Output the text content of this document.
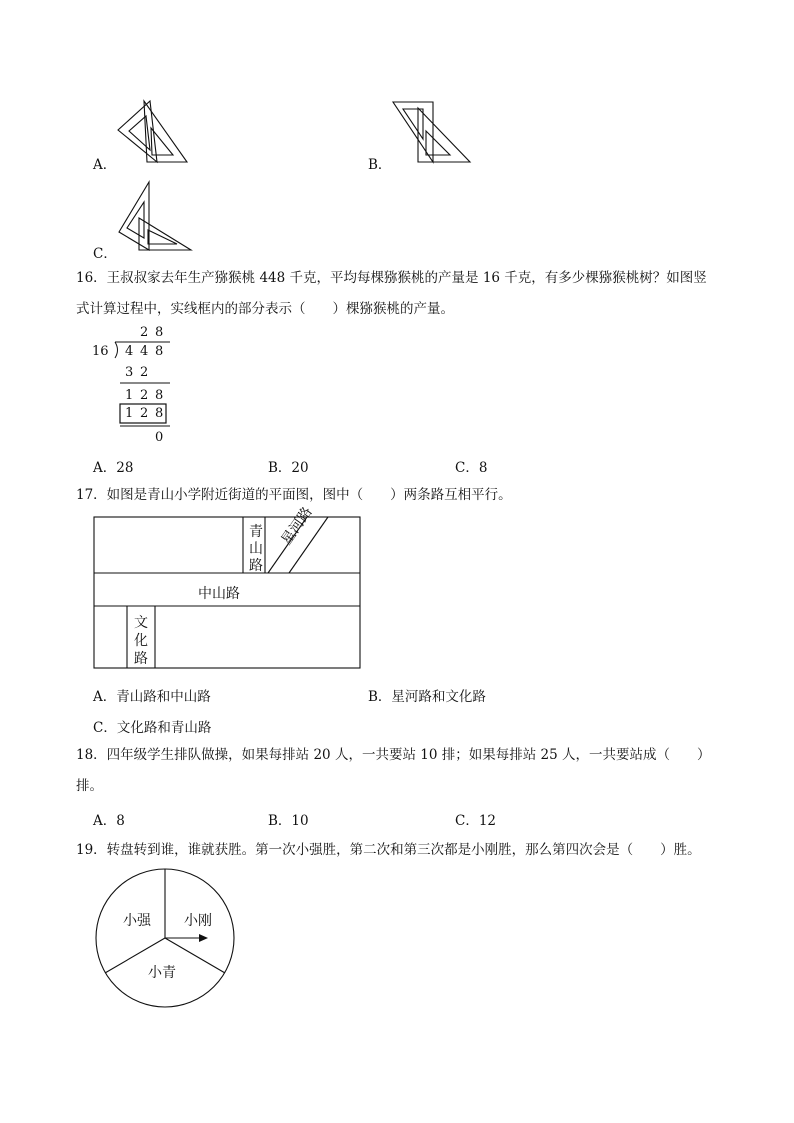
A．	B．
C．
16．王叔叔家去年生产猕猴桃 448 千克，平均每棵猕猴桃的产量是 16 千克，有多少棵猕猴桃树？如图竖
式计算过程中，实线框内的部分表示（　　）棵猕猴桃的产量。
2 8
16 4 4 8
3 2
1 2 8
1 2 8
0
A．28	B．20	C．8
17．如图是青山小学附近街道的平面图，图中（　　）两条路互相平行。
青
山
路
星河路
中山路
文
化
路
A．青山路和中山路	B．星河路和文化路
C．文化路和青山路
18．四年级学生排队做操，如果每排站 20 人，一共要站 10 排；如果每排站 25 人，一共要站成（　　）
排。
A．8	B．10	C．12
19．转盘转到谁，谁就获胜。第一次小强胜，第二次和第三次都是小刚胜，那么第四次会是（　　）胜。
小强 小刚
小青
